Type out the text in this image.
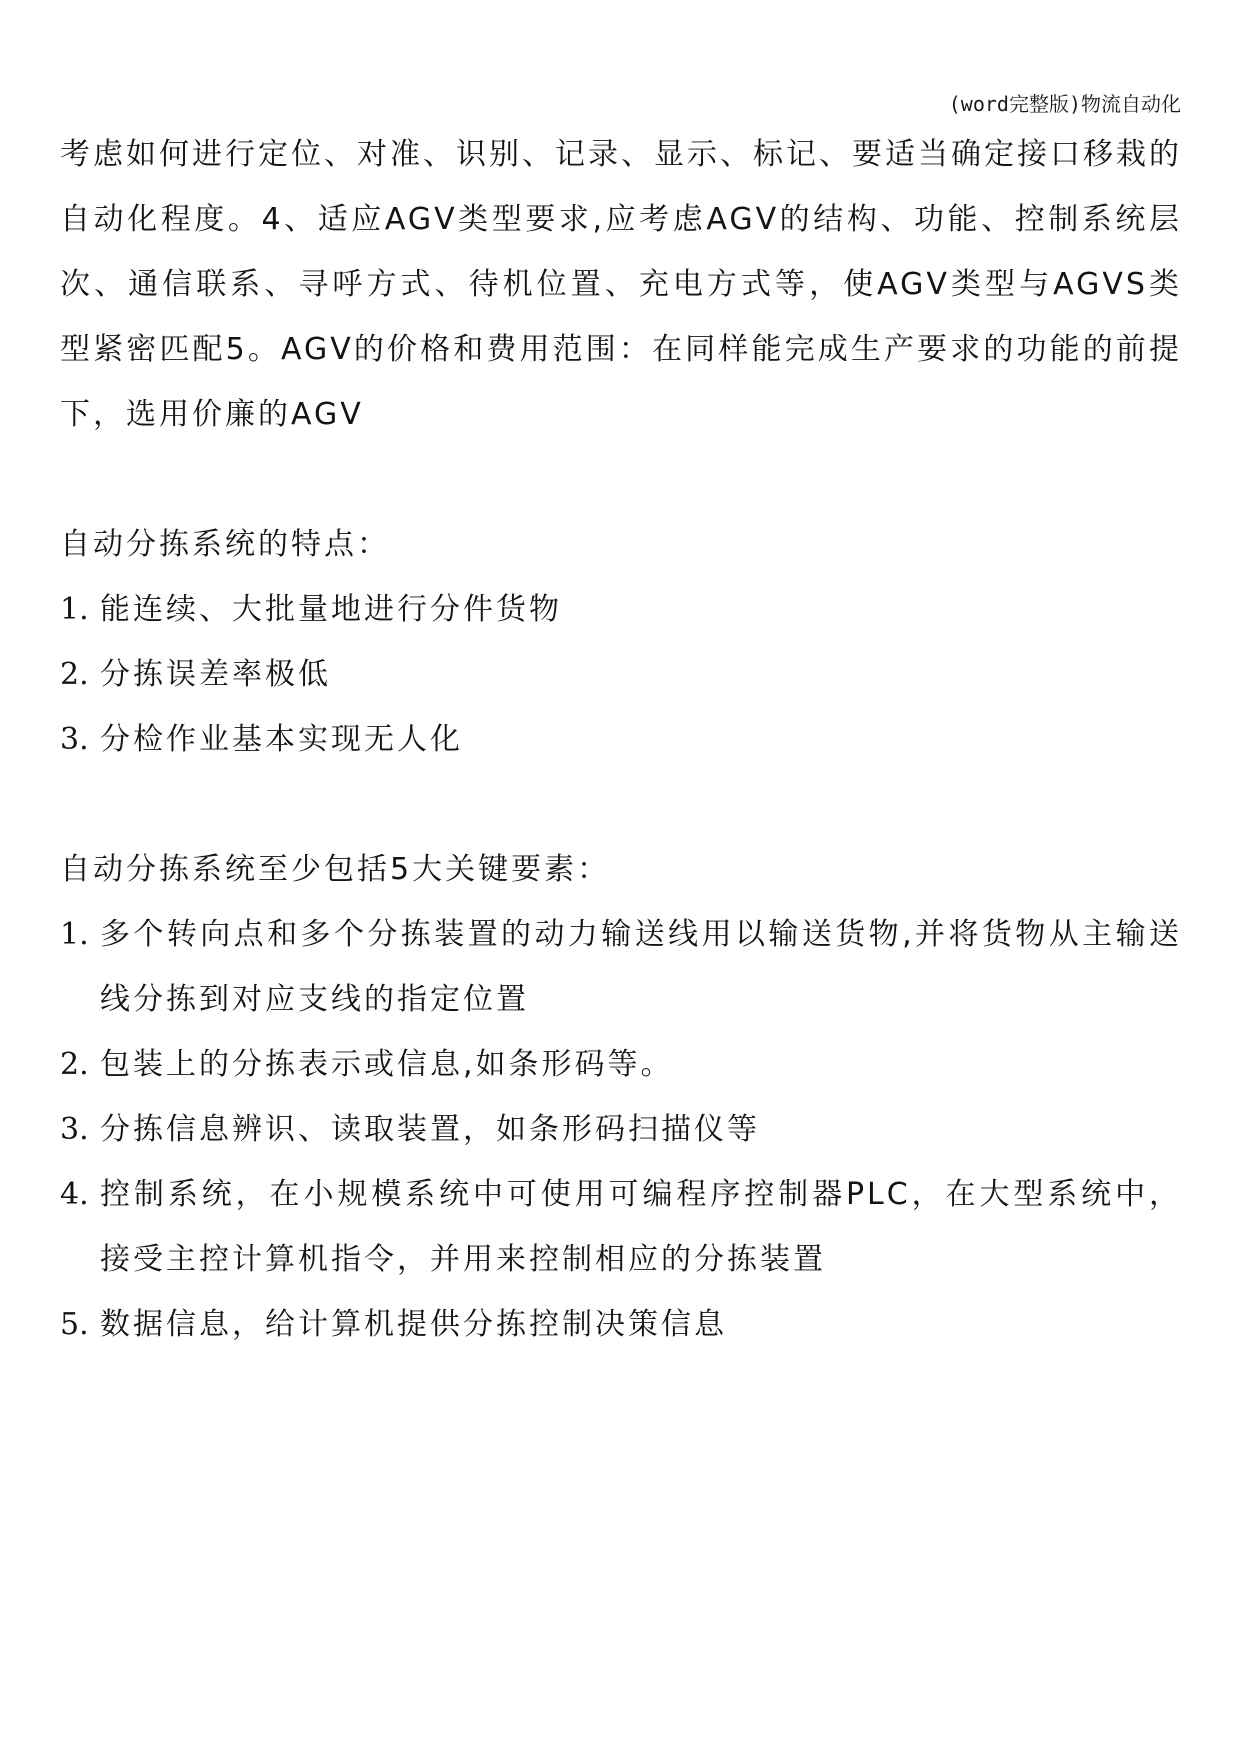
(word完整版)物流自动化

考虑如何进行定位、对准、识别、记录、显示、标记、要适当确定接口移栽的自动化程度。4、适应AGV类型要求,应考虑AGV的结构、功能、控制系统层次、通信联系、寻呼方式、待机位置、充电方式等，使AGV类型与AGVS类型紧密匹配5。AGV的价格和费用范围：在同样能完成生产要求的功能的前提下，选用价廉的AGV

自动分拣系统的特点：

1. 能连续、大批量地进行分件货物
2. 分拣误差率极低
3. 分检作业基本实现无人化

自动分拣系统至少包括5大关键要素：

1. 多个转向点和多个分拣装置的动力输送线用以输送货物,并将货物从主输送线分拣到对应支线的指定位置
2. 包装上的分拣表示或信息,如条形码等。
3. 分拣信息辨识、读取装置，如条形码扫描仪等
4. 控制系统，在小规模系统中可使用可编程序控制器PLC，在大型系统中，接受主控计算机指令，并用来控制相应的分拣装置
5. 数据信息，给计算机提供分拣控制决策信息
